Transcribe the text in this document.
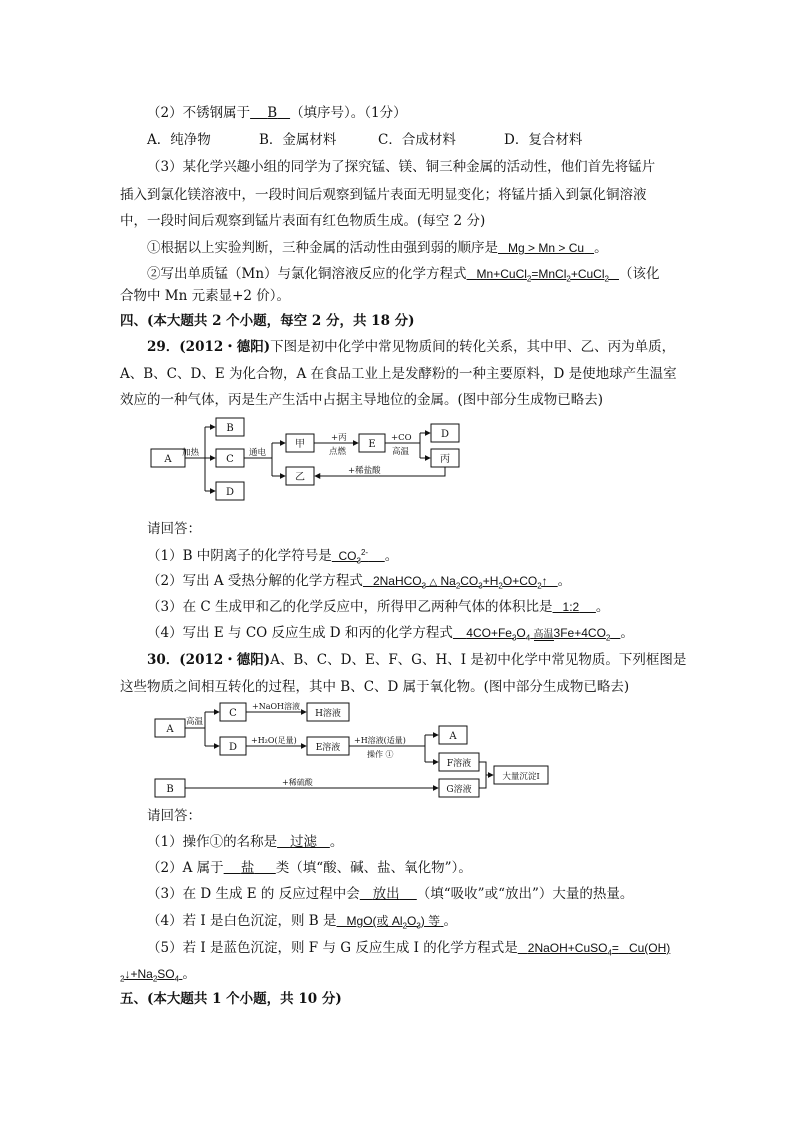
（2）不锈钢属于 B （填序号）。（1分）
A．纯净物	B．金属材料	C．合成材料	D．复合材料
（3）某化学兴趣小组的同学为了探究锰、镁、铜三种金属的活动性，他们首先将锰片
插入到氯化镁溶液中，一段时间后观察到锰片表面无明显变化；将锰片插入到氯化铜溶液
中，一段时间后观察到锰片表面有红色物质生成。(每空 2 分)
①根据以上实验判断，三种金属的活动性由强到弱的顺序是 Mg > Mn > Cu 。
②写出单质锰（Mn）与氯化铜溶液反应的化学方程式 Mn+CuCl$_2$=MnCl$_2$+CuCl$_2$ （该化
合物中 Mn 元素显+2 价）。
四、(本大题共 2 个小题，每空 2 分，共 18 分)
29．(2012・德阳)下图是初中化学中常见物质间的转化关系，其中甲、乙、丙为单质，
A、B、C、D、E 为化合物，A 在食品工业上是发酵粉的一种主要原料，D 是使地球产生温室
效应的一种气体，丙是生产生活中占据主导地位的金属。(图中部分生成物已略去)
B
A	C
D
甲
乙
E
D
丙
加热	通电
+丙
点燃
+CO
高温
+稀盐酸
请回答：
（1）B 中阴离子的化学符号是 $CO_3^{2-}$ 。
（2）写出 A 受热分解的化学方程式 2NaHCO$_3$ △ $Na_2CO_3+H_2O+CO_2↑$   。
（3）在 C 生成甲和乙的化学反应中，所得甲乙两种气体的体积比是 1:2 。
（4）写出 E 与 CO 反应生成 D 和丙的化学方程式 $4CO+Fe_3O_4$ 高温$3Fe+4CO_2$ 。
30．(2012・德阳)A、B、C、D、E、F、G、H、I 是初中化学中常见物质。下列框图是
这些物质之间相互转化的过程，其中 B、C、D 属于氧化物。(图中部分生成物已略去)
A
C	H溶液
D	E溶液
A
F溶液
大量沉淀I
B	G溶液
高温
+NaOH溶液
+H₂O(足量)	+H溶液(适量)
操作 ①
+稀硫酸
请回答：
（1）操作①的名称是 过滤 。
（2）A 属于 盐 类（填“酸、碱、盐、氧化物”）。
（3）在 D 生成 E 的 反应过程中会 放出 （填“吸收”或“放出”）大量的热量。
（4）若 I 是白色沉淀，则 B 是 MgO(或 $Al_2O_3$) 等 。
（5）若 I 是蓝色沉淀，则 F 与 G 反应生成 I 的化学方程式是 2NaOH+CuSO$_4$= Cu(OH)
$_2↓+Na_2SO_4$ 。
五、(本大题共 1 个小题，共 10 分)
